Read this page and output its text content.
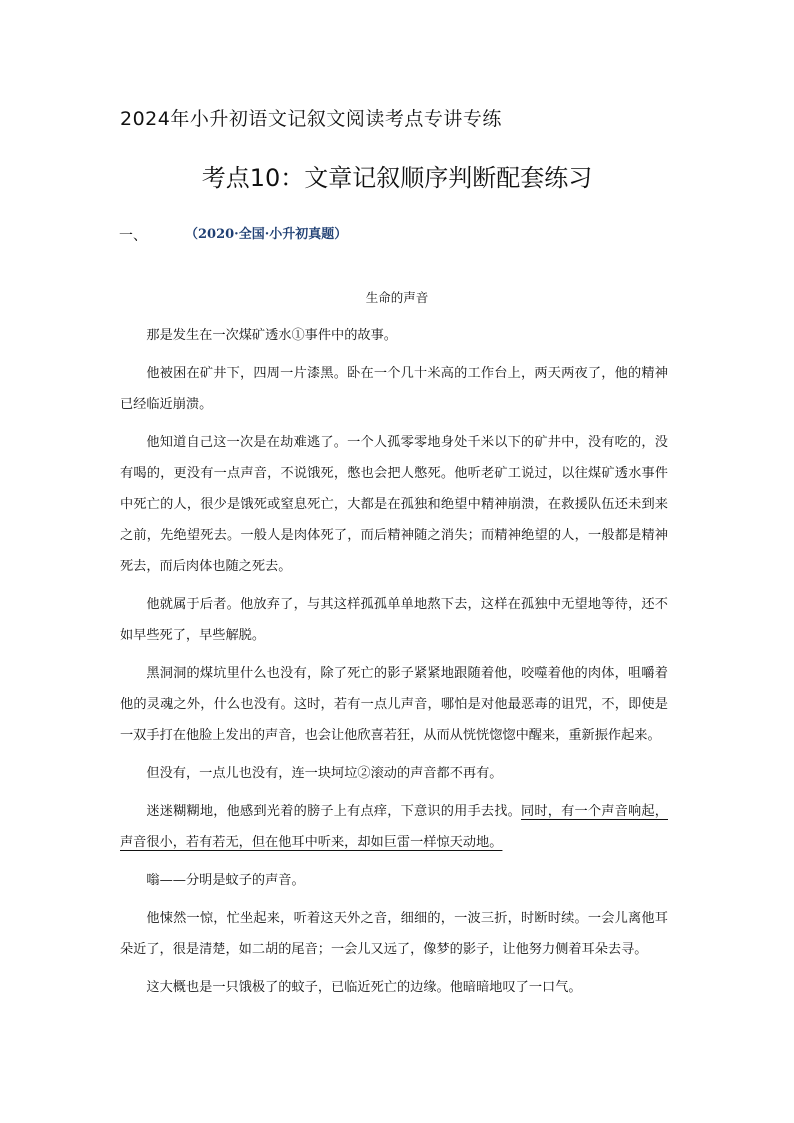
2024年小升初语文记叙文阅读考点专讲专练
考点10：文章记叙顺序判断配套练习
一、	（2020·全国·小升初真题）
生命的声音

那是发生在一次煤矿透水①事件中的故事。

他被困在矿井下，四周一片漆黑。卧在一个几十米高的工作台上，两天两夜了，他的精神已经临近崩溃。

他知道自己这一次是在劫难逃了。一个人孤零零地身处千米以下的矿井中，没有吃的，没有喝的，更没有一点声音，不说饿死，憋也会把人憋死。他听老矿工说过，以往煤矿透水事件中死亡的人，很少是饿死或窒息死亡，大都是在孤独和绝望中精神崩溃，在救援队伍还未到来之前，先绝望死去。一般人是肉体死了，而后精神随之消失；而精神绝望的人，一般都是精神死去，而后肉体也随之死去。

他就属于后者。他放弃了，与其这样孤孤单单地熬下去，这样在孤独中无望地等待，还不如早些死了，早些解脱。

黑洞洞的煤坑里什么也没有，除了死亡的影子紧紧地跟随着他，咬噬着他的肉体，咀嚼着他的灵魂之外，什么也没有。这时，若有一点儿声音，哪怕是对他最恶毒的诅咒，不，即使是一双手打在他脸上发出的声音，也会让他欣喜若狂，从而从恍恍惚惚中醒来，重新振作起来。

但没有，一点儿也没有，连一块坷垃②滚动的声音都不再有。

迷迷糊糊地，他感到光着的膀子上有点痒，下意识的用手去找。同时，有一个声音响起，声音很小，若有若无，但在他耳中听来，却如巨雷一样惊天动地。

嗡——分明是蚊子的声音。

他悚然一惊，忙坐起来，听着这天外之音，细细的，一波三折，时断时续。一会儿离他耳朵近了，很是清楚，如二胡的尾音；一会儿又远了，像梦的影子，让他努力侧着耳朵去寻。

这大概也是一只饿极了的蚊子，已临近死亡的边缘。他暗暗地叹了一口气。
